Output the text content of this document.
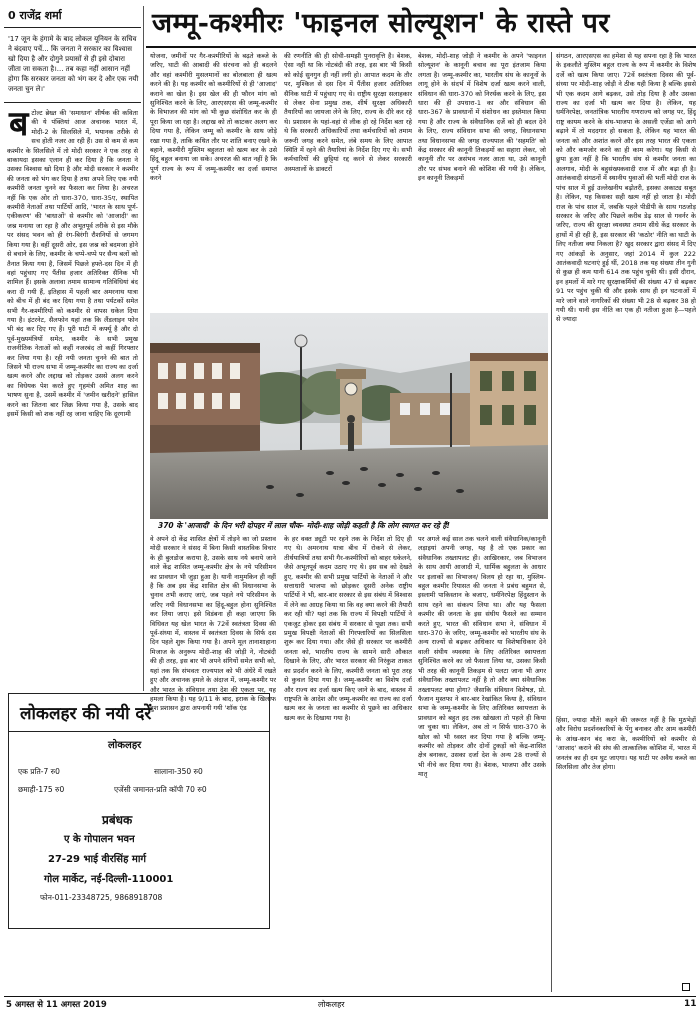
0 राजेंद्र शर्मा
'17 जून के हंगामे के बाद लोकल यूनियन के सचिव ने बंदवाए पर्चे... कि जनता ने सरकार का विश्वास खो दिया है और दोगुने प्रयासों से ही इसे दोबारा जीता जा सकता है।... तब कहा नहीं आसान नहीं होगा कि सरकार जनता को भंग कर दे और एक नयी जनता चुन ले।'
ब टोल्ट ब्रेख्त की 'समाधान' शीर्षक की कविता की ये पंक्तियां आज अचानक भारत में, मोदी-2 के सिलसिले में, भयानक तरीके से सच होती नजर आ रही हैं। उस से कम से कम कश्मीर के सिलसिले में तो मोदी सरकार ने एक तरह से बाकायदा इसका एलान ही कर दिया है कि जनता ने उसका विश्वास खो दिया है और मोदी सरकार ने कश्मीर की जनता को भंग कर दिया है तथा अपने लिए एक नयी कश्मीरी जनता चुनने का फैसला कर लिया है। अचरज नहीं कि एक ओर तो धारा-370, धारा-35ए, स्थापित कश्मीरी नेताओं तथा पार्टियों आदि, 'भारत के साथ पूर्ण-एकीकरण' की 'बाधाओं' से कश्मीर को 'आजादी' का जश्न मनाया जा रहा है और अभूतपूर्व तरीके से इस मौके पर संसद भवन को ही रंग-बिरंगी रौशनियों से जगमग किया गया है। वहीं दूसरी ओर, इस जश्न को बदमजा होने से बचाने के लिए, कश्मीर के चप्पे-चप्पे पर सैन्य बलों को तैनात किया गया है, जिसमें पिछले हफ्ते-दस दिन में ही वहां पहुंचाए गए पैंतीस हजार अतिरिक्त सैनिक भी शामिल हैं। इसके अलावा तमाम सामान्य गतिविधियां बंद करा दी गयी हैं, इतिहास में पहली बार अमरनाथ यात्रा को बीच में ही बंद कर दिया गया है तथा पर्यटकों समेत सभी गैर-कश्मीरियों को कश्मीर से वापस धकेल दिया गया है। इंटरनेट, सैलफोन यहां तक कि लैंडलाइन फोन भी बंद कर दिए गए हैं। पूरी घाटी में कर्फ्यू है और दो पूर्व-मुख्यमंत्रियों समेत, कश्मीर के सभी प्रमुख राजनीतिक नेताओं को कहीं नजरबंद तो कहीं गिरफ्तार कर लिया गया है। रही नयी जनता चुनने की बात तो जिसने भी राज्य सभा में जम्मू-कश्मीर का राज्य का दर्जा खत्म करने और लद्दाख को तोड़कर उससे अलग करने का विधेयक पेश करते हुए गृहमंत्री अमित शाह का भाषण सुना है, उसमें कश्मीर में 'जमीन खरीदने' हासिल करने का जितना बार जिक्र किया गया है, उसके बाद इसमें किसी को शक नहीं रह जाना चाहिए कि दूरगामी
जम्मू-कश्मीरः 'फाइनल सोल्यूशन' के रास्ते पर
योजना, जमीनों पर गैर-कश्मीरियों के बढ़ते कब्जे के जरिए, घाटी की आबादी की संरचना को ही बदलने और वहां कश्मीरी मुसलमानों का बोलबाला ही खत्म करने की है। यह कश्मीर को कश्मीरियों से ही 'आजाद' कराने का खेल है। इस खेल की ही फौरन मांग को सुनिश्चित करने के लिए, आरएसएस की जम्मू-कश्मीर के विभाजन की मांग को भी कुछ संशोधित कर के ही पूरा किया जा रहा है। लद्दाख को तो काटकर अलग कर दिया गया है, लेकिन जम्मू को कश्मीर के साथ जोड़े रखा गया है, ताकि कथित तौर पर शांति बनाए रखने के बहाने, कश्मीरी मुस्लिम बहुलता को खत्म कर के उसे हिंदू बहुल बनाया जा सके। अचरज की बात नहीं है कि पूर्ण राज्य के रूप में जम्मू-कश्मीर का दर्जा समाप्त करने
की रणनीति की ही सोची-समझी पुनरावृत्ति है। बेशक, ऐसा नहीं था कि नोटबंदी की तरह, इस बार भी किसी को कोई सुनगुन ही नहीं लगी हो। आपात कदम के तौर पर, मुश्किल से दस दिन में पैंतीस हजार अतिरिक्त सैनिक घाटी में पहुंचाए गए थे। राष्ट्रीय सुरक्षा सलाहकार से लेकर सेना प्रमुख तक, शीर्ष सुरक्षा अधिकारी तैयारियों का जायजा लेने के लिए, राज्य के दौरे कर रहे थे। प्रशासन के यहां-वहां से लीक हो रहे निर्देश बता रहे थे कि सरकारी अधिकारियों तथा कर्मचारियों को तमाम जरूरी जगह करने समेत, लंबे समय के लिए आपात स्थिति में रहने की तैयारियां के निर्देश दिए गए थे। सभी कर्मचारियों की छुट्टियां रद्द करने से लेकर सरकारी अस्पतालों के डाक्टरों
बेशक, मोदी-शाह जोड़ी ने कश्मीर के अपने 'फाइनल सोल्यूशन' के कानूनी बचाव का पूरा इंतजाम किया लगता है। जम्मू-कश्मीर का, भारतीय संघ के कानूनों के लागू होने के संदर्भ में विशेष दर्जा खत्म करने वाली, संविधान की धारा-370 को निरर्थक करने के लिए, इस धारा की ही उपधारा-1 का और संविधान की धारा-367 के प्रावधानों में संशोधन का इस्तेमाल किया गया है और राज्य के संवैधानिक दर्जे को ही बदल देने के लिए, राज्य संविधान सभा की जगह, विधानसभा तथा विधानसभा की जगह राज्यपाल की 'सहमति' को केंद्र सरकार की कानूनी तिकड़मों का सहारा लेकर, जो कानूनी तौर पर असंभव नजर आता था, उसे कानूनी तौर पर संभव बनाने की कोशिश की गयी है। लेकिन, इन कानूनी तिकड़मों
संगठन, आरएसएस का हमेशा से यह सपना रहा है कि भारत के इकलौते मुस्लिम बहुल राज्य के रूप में कश्मीर के विशेष दर्जे को खत्म किया जाए। 72वें स्वतंत्रता दिवस की पूर्व-संध्या पर मोदी-शाह जोड़ी ने ठीक यही किया है बल्कि इससे भी एक कदम आगे बढ़कर, उसे तोड़ दिया है और उसका राज्य का दर्जा भी खत्म कर दिया है। लेकिन, यह धर्मनिरपेक्ष, जनतांत्रिक भारतीय गणराज्य को जगह पर, हिंदू राष्ट्र कायम करने के संघ-भाजपा के असली एजेंडा को आगे बढ़ाने में तो मददगार हो सकता है, लेकिन यह भारत की जनता को और अशांत करने और इस तरह भारत की एकता को और कमजोर करने का ही काम करेगा। यह किसी से छुपा हुआ नहीं है कि भारतीय संघ से कश्मीर जनता का अलगाव, मोदी के बहुसंख्यकवादी राज में और बढ़ा ही है। आतंकवादी संगठनों में स्थानीय युवाओं की भर्ती मोदी राज के पांच साल में हुई उल्लेखनीय बढ़ोतरी, इसका अकाट्य सबूत है। लेकिन, यह किसका सही खत्म नहीं हो जाता है। मोदी राज के पांच साल में, जबकि पहले पीडीपी के साथ गठजोड़ सरकार के जरिए और पिछले करीब डेढ़ साल से गवर्नर के जरिए, राज्य की सुरक्षा व्यवस्था तमाम सीधे केंद्र सरकार के हाथों में ही रही है, इस सरकार की 'कठोर' नीति का घाटी के लिए नतीजा क्या निकला है? खुद सरकार द्वारा संसद में दिए गए आंकड़ों के अनुसार, जहां 2014 में कुल 222 आतंकवादी घटनाएं हुई थीं, 2018 तक यह संख्या तीन गुनी से कुछ ही कम यानी 614 तक पहुंच चुकी थी। इसी दौरान, इन हमलों में मारे गए सुरक्षाकर्मियों की संख्या 47 से बढ़कर 91 पर पहुंच चुकी थी और इसके साथ ही इन घटनाओं में मारे जाने वाले नागरिकों की संख्या भी 28 से बढ़कर 38 हो गयी थी। यानी इस नीति का एक ही नतीजा हुआ है—पहले से ज्यादा
370 के 'आजादी' के दिन भरी दोपहर में लाल चौक- मोदी-शाह जोड़ी कहती है कि लोग स्वागत कर रहे हैं!
वे अपने दो केंद्र शासित क्षेत्रों में तोड़ने का जो प्रस्ताव मोदी सरकार ने संसद में बिना किसी वास्तविक विचार के ही बुलडोज कराया है, उसके साथ नये बनाये जाने वाले केंद्र शासित जम्मू-कश्मीर क्षेत्र के नये परिसीमन का प्रावधान भी जुड़ा हुआ है। यानी नामुमकिन ही नहीं है कि अब इस केंद्र शासित क्षेत्र की विधानसभा के चुनाव तभी कराए जाएं, जब पहले नये परिसीमन के जरिए नयी विधानसभा का हिंदू-बहुल होना सुनिश्चित कर लिया जाए। इसे विडंबना ही कहा जाएगा कि विधिवत यह खेल भारत के 72वें स्वतंत्रता दिवस की पूर्व-संध्या में, वास्तव में स्वतंत्रता दिवस के सिर्फ दस दिन पहले शुरू किया गया है। अपने मूल तानाशाहाना मिजाज के अनुरूप मोदी-शाह की जोड़ी ने, नोटबंदी की ही तरह, इस बार भी अपने संगियों समेत सभी को, यहां तक कि संभवतः राज्यपाल को भी अंधेरे में रखते हुए और अचानक हमले के अंदाज में, जम्मू-कश्मीर पर और भारत के संविधान तथा देश की एकता पर, यह हमला किया है। यह 9/11 के बाद, इराक के खिलाफ बुश प्रशासन द्वारा अपनायी गयी 'शॉक एंड
के हर वक्त ड्यूटी पर रहने तक के निर्देश तो दिए ही गए थे। अमरनाथ यात्रा बीच में रोकने से लेकर, तीर्थयात्रियों तथा सभी गैर-कश्मीरियों को बाहर धकेलने, जैसे अभूतपूर्व कदम उठाए गए थे। इस सब को देखते हुए, कश्मीर की सभी प्रमुख पार्टियों के नेताओं ने और सत्ताधारी भाजपा को छोड़कर दूसरी अनेक राष्ट्रीय पार्टियों ने भी, बार-बार सरकार से इस संबंध में विश्वास में लेने का आग्रह किया था कि वह क्या करने की तैयारी कर रही थी? यहां तक कि राज्य में विपक्षी पार्टियों ने एकजुट होकर इस संबंध में सरकार से पूछा तक। सभी प्रमुख विपक्षी नेताओं की गिरफ्तारियों का सिलसिला शुरू कर दिया गया। और जैसे ही सरकार पर कश्मीरी जनता को, भारतीय राज्य के सामने सारी औकात दिखाने के लिए, और भारत सरकार की निरंकुश ताकत का प्रदर्शन करने के लिए, कश्मीरी जनता को पूरा तरह से कुचल दिया गया है। जम्मू-कश्मीर का विशेष दर्जा और राज्य का दर्जा खत्म किए जाने के बाद, वास्तव में राष्ट्रपति के आदेश और जम्मू-कश्मीर का राज्य का दर्जा खत्म कर के जनता का कश्मीर से पूछने का अधिकार खत्म कर के दिखाया गया है।
पर अगले कई साल तक चलने वाली संवैधानिक/कानूनी लड़ाइयां अपनी जगह, यह है तो एक प्रकार का संवैधानिक तख्तापलट ही। आखिरकार, जब विभाजन के साथ आयी आजादी में, धार्मिक बहुलता के आधार पर इलाकों का विभाजन/ विलय हो रहा था, मुस्लिम-बहुल कश्मीर रियासत की जनता ने प्रबंध बहुमत से, इस्लामी पाकिस्तान के बजाए, धर्मनिरपेक्ष हिंदुस्तान के साथ रहने का संकल्प लिया था। और यह फैसला कश्मीर की जनता के इस संघीय फैसले का सम्मान करते हुए, भारत की संविधान सभा ने, संविधान में धारा-370 के जरिए, जम्मू-कश्मीर को भारतीय संघ के अन्य राज्यों से बढ़कर अधिकार या विशेषाधिकार देने वाली संघीय व्यवस्था के लिए अतिरिक्त स्वायत्तता सुनिश्चित करने का जो फैसला लिया था, उसका किसी भी तरह की कानूनी तिकड़म से पलटा जाना भी अगर संवैधानिक तख्तापलट नहीं है तो और क्या संवैधानिक तख्तापलट क्या होगा? जैसाकि संविधान विशेषज्ञ, प्रो. फैजान मुस्तफा ने बार-बार रेखांकित किया है, संविधान सभा के जम्मू-कश्मीर के लिए अतिरिक्त स्वायत्तता के प्रावधान को बहुत हद तक खोखला तो पहले ही किया जा चुका था। लेकिन, अब तो न सिर्फ धारा-370 के खोल को भी ध्वस्त कर दिया गया है बल्कि जम्मू-कश्मीर को तोड़कर और दोनों टुकड़ों को केंद्र-शासित क्षेत्र बनाकर, उसका दर्जा देश के अन्य 28 राज्यों से भी नीचे कर दिया गया है। बेशक, भाजपा और उसके मातृ
हिंसा, ज्यादा मौतें! कहने की जरूरत नहीं है कि मुठभेड़ों और विरोध प्रदर्शनकारियों के पेंगु बनाकर और आम कश्मीरी के आंख-कान बंद करा के, कश्मीरियों को कश्मीर से 'आजाद' कराने की संघ की तात्कालिक कोशिश में, भारत में जनतंत्र का ही दम घुट जाएगा। यह घाटी पर अवैध कब्जे का सिलसिला और तेज होगा।
लोकलहर की नयी दरें
लोकलहर
एक प्रति-7 रु0	सालाना-350 रु0
छमाही-175 रु0	एजेंसी जमानत-प्रति कॉपी 70 रु0
प्रबंधक
ए के गोपालन भवन
27-29 भाई वीरसिंह मार्ग
गोल मार्केट, नई-दिल्ली-110001
फोन-011-23348725, 9868918708
5 अगस्त से 11 अगस्त 2019	लोकलहर	11
